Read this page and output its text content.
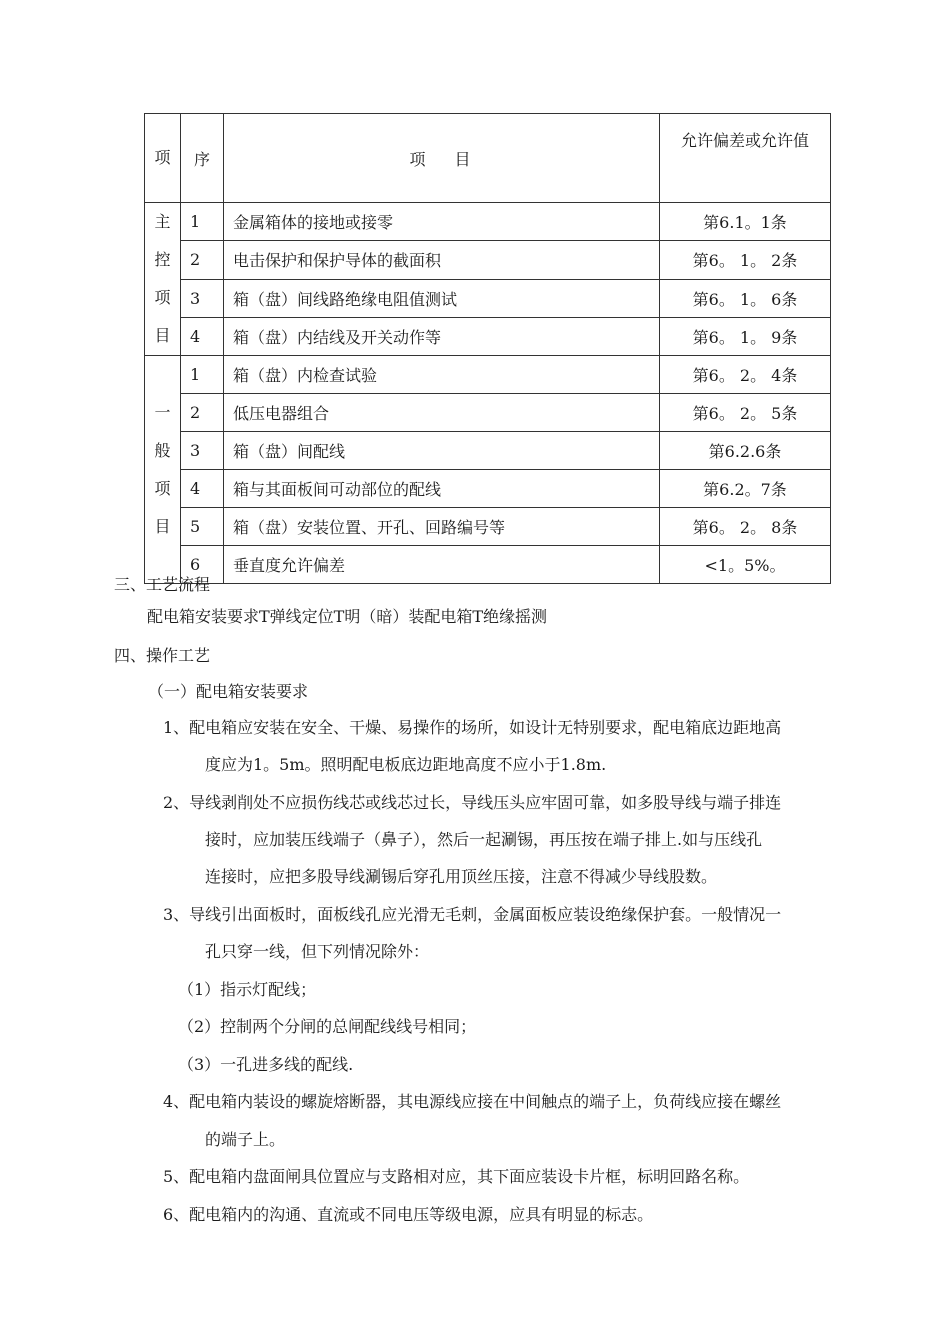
项	序	项 目	允许偏差或允许值

主
控
项
目	1	金属箱体的接地或接零	第6.1。1条
	2	电击保护和保护导体的截面积	第6。 1。 2条
	3	箱（盘）间线路绝缘电阻值测试	第6。 1。 6条
	4	箱（盘）内结线及开关动作等	第6。 1。 9条

一
般
项
目	1	箱（盘）内检查试验	第6。 2。 4条
	2	低压电器组合	第6。 2。 5条
	3	箱（盘）间配线	第6.2.6条
	4	箱与其面板间可动部位的配线	第6.2。7条
	5	箱（盘）安装位置、开孔、回路编号等	第6。 2。 8条
	6	垂直度允许偏差	<1。5%。
三、工艺流程
配电箱安装要求T弹线定位T明（暗）装配电箱T绝缘摇测
四、操作工艺
（一）配电箱安装要求
1、配电箱应安装在安全、干燥、易操作的场所，如设计无特别要求，配电箱底边距地高
度应为1。5m。照明配电板底边距地高度不应小于1.8m.
2、导线剥削处不应损伤线芯或线芯过长，导线压头应牢固可靠，如多股导线与端子排连
接时，应加装压线端子（鼻子），然后一起涮锡，再压按在端子排上.如与压线孔
连接时，应把多股导线涮锡后穿孔用顶丝压接，注意不得减少导线股数。
3、导线引出面板时，面板线孔应光滑无毛刺，金属面板应装设绝缘保护套。一般情况一
孔只穿一线，但下列情况除外：
（1）指示灯配线；
（2）控制两个分闸的总闸配线线号相同；
（3）一孔进多线的配线.
4、配电箱内装设的螺旋熔断器，其电源线应接在中间触点的端子上，负荷线应接在螺丝
的端子上。
5、配电箱内盘面闸具位置应与支路相对应，其下面应装设卡片框，标明回路名称。
6、配电箱内的沟通、直流或不同电压等级电源，应具有明显的标志。
